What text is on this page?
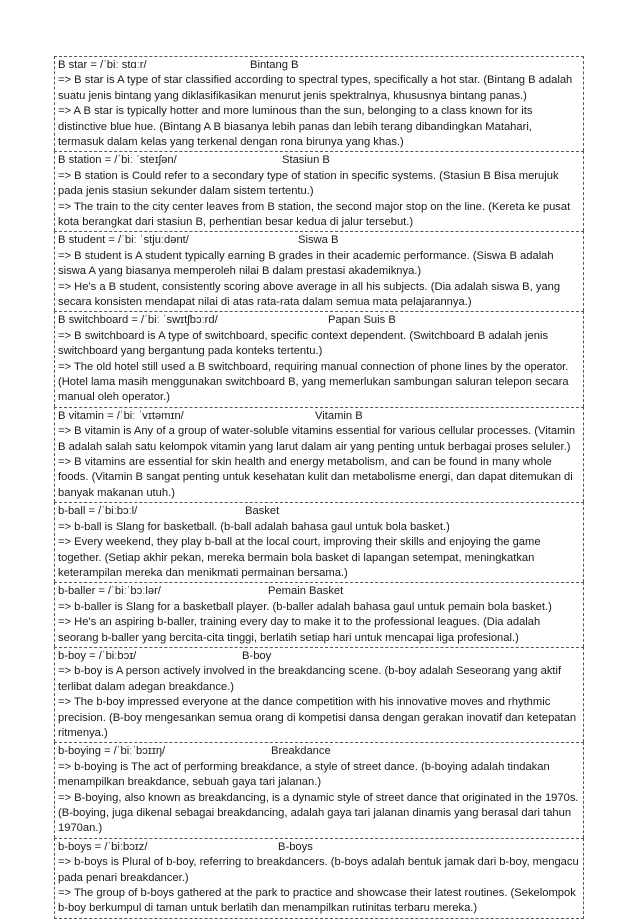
B star = /ˈbiː stɑːr/	Bintang B
=> B star is A type of star classified according to spectral types, specifically a hot star. (Bintang B adalah suatu jenis bintang yang diklasifikasikan menurut jenis spektralnya, khususnya bintang panas.)
=> A B star is typically hotter and more luminous than the sun, belonging to a class known for its distinctive blue hue. (Bintang A B biasanya lebih panas dan lebih terang dibandingkan Matahari, termasuk dalam kelas yang terkenal dengan rona birunya yang khas.)
B station = /ˈbiː ˈsteɪʃən/	Stasiun B
=> B station is Could refer to a secondary type of station in specific systems. (Stasiun B Bisa merujuk pada jenis stasiun sekunder dalam sistem tertentu.)
=> The train to the city center leaves from B station, the second major stop on the line. (Kereta ke pusat kota berangkat dari stasiun B, perhentian besar kedua di jalur tersebut.)
B student = /ˈbiː ˈstjuːdənt/	Siswa B
=> B student is A student typically earning B grades in their academic performance. (Siswa B adalah siswa A yang biasanya memperoleh nilai B dalam prestasi akademiknya.)
=> He's a B student, consistently scoring above average in all his subjects. (Dia adalah siswa B, yang secara konsisten mendapat nilai di atas rata-rata dalam semua mata pelajarannya.)
B switchboard = /ˈbiː ˈswɪtʃbɔːrd/	Papan Suis B
=> B switchboard is A type of switchboard, specific context dependent. (Switchboard B adalah jenis switchboard yang bergantung pada konteks tertentu.)
=> The old hotel still used a B switchboard, requiring manual connection of phone lines by the operator. (Hotel lama masih menggunakan switchboard B, yang memerlukan sambungan saluran telepon secara manual oleh operator.)
B vitamin = /ˈbiː ˈvɪtəmɪn/	Vitamin B
=> B vitamin is Any of a group of water-soluble vitamins essential for various cellular processes. (Vitamin B adalah salah satu kelompok vitamin yang larut dalam air yang penting untuk berbagai proses seluler.)
=> B vitamins are essential for skin health and energy metabolism, and can be found in many whole foods. (Vitamin B sangat penting untuk kesehatan kulit dan metabolisme energi, dan dapat ditemukan di banyak makanan utuh.)
b-ball = /ˈbiːbɔːl/	Basket
=> b-ball is Slang for basketball. (b-ball adalah bahasa gaul untuk bola basket.)
=> Every weekend, they play b-ball at the local court, improving their skills and enjoying the game together. (Setiap akhir pekan, mereka bermain bola basket di lapangan setempat, meningkatkan keterampilan mereka dan menikmati permainan bersama.)
b-baller = /ˈbiːˈbɔːlər/	Pemain Basket
=> b-baller is Slang for a basketball player. (b-baller adalah bahasa gaul untuk pemain bola basket.)
=> He's an aspiring b-baller, training every day to make it to the professional leagues. (Dia adalah seorang b-baller yang bercita-cita tinggi, berlatih setiap hari untuk mencapai liga profesional.)
b-boy = /ˈbiːbɔɪ/	B-boy
=> b-boy is A person actively involved in the breakdancing scene. (b-boy adalah Seseorang yang aktif terlibat dalam adegan breakdance.)
=> The b-boy impressed everyone at the dance competition with his innovative moves and rhythmic precision. (B-boy mengesankan semua orang di kompetisi dansa dengan gerakan inovatif dan ketepatan ritmenya.)
b-boying = /ˈbiːˈbɔɪɪŋ/	Breakdance
=> b-boying is The act of performing breakdance, a style of street dance. (b-boying adalah tindakan menampilkan breakdance, sebuah gaya tari jalanan.)
=> B-boying, also known as breakdancing, is a dynamic style of street dance that originated in the 1970s. (B-boying, juga dikenal sebagai breakdancing, adalah gaya tari jalanan dinamis yang berasal dari tahun 1970an.)
b-boys = /ˈbiːbɔɪz/	B-boys
=> b-boys is Plural of b-boy, referring to breakdancers. (b-boys adalah bentuk jamak dari b-boy, mengacu pada penari breakdancer.)
=> The group of b-boys gathered at the park to practice and showcase their latest routines. (Sekelompok b-boy berkumpul di taman untuk berlatih dan menampilkan rutinitas terbaru mereka.)
